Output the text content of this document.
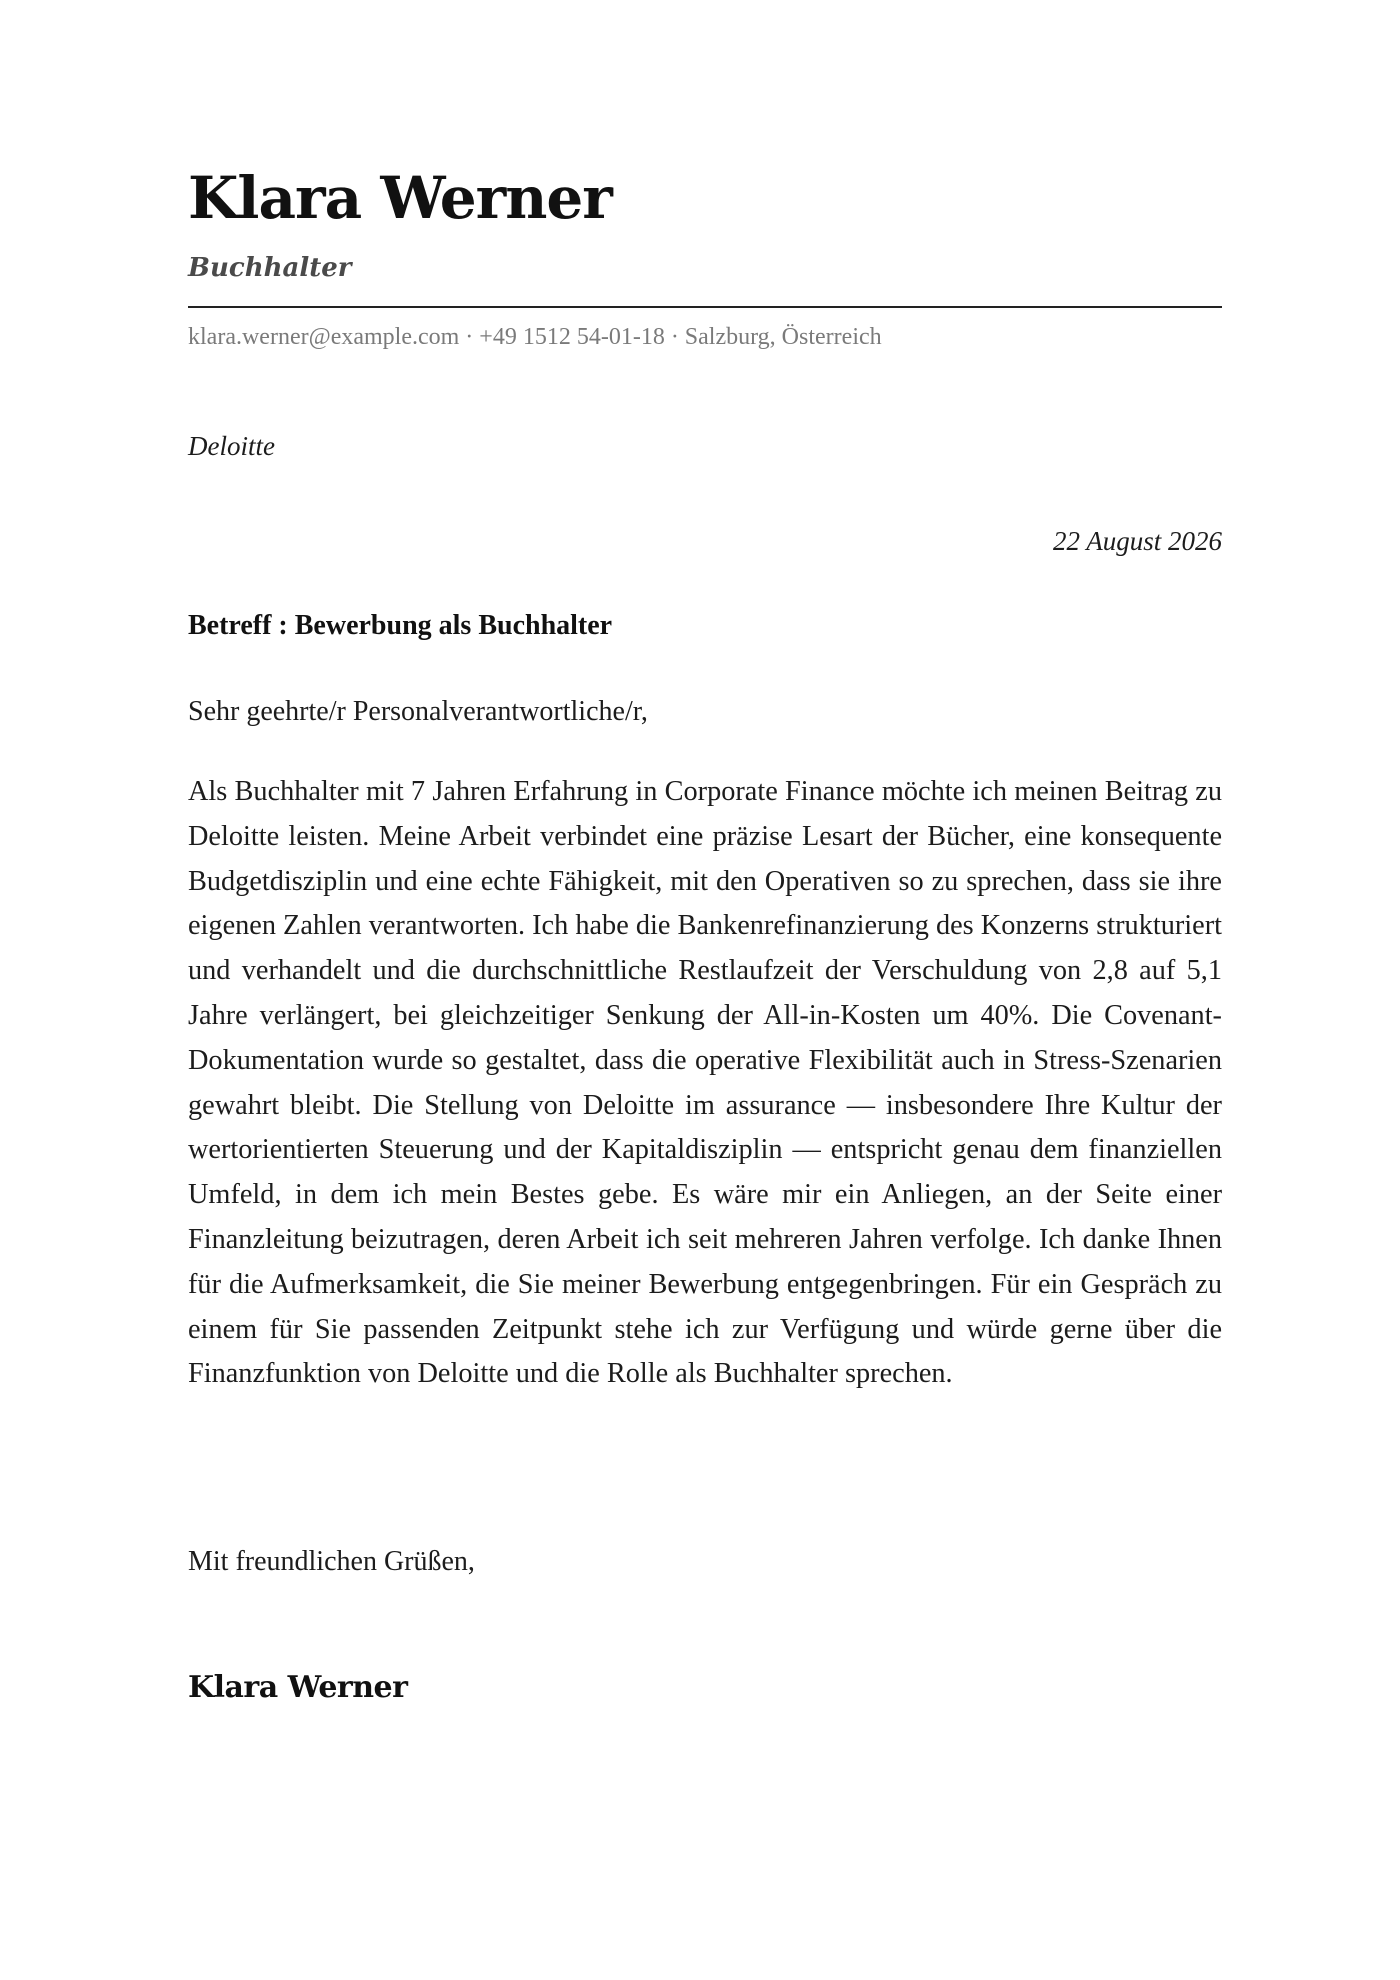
Klara Werner
Buchhalter
klara.werner@example.com · +49 1512 54-01-18 · Salzburg, Österreich
Deloitte
22 August 2026
Betreff : Bewerbung als Buchhalter
Sehr geehrte/r Personalverantwortliche/r,

Als Buchhalter mit 7 Jahren Erfahrung in Corporate Finance möchte ich meinen Beitrag zu Deloitte leisten. Meine Arbeit verbindet eine präzise Lesart der Bücher, eine konsequente Budgetdisziplin und eine echte Fähigkeit, mit den Operativen so zu sprechen, dass sie ihre eigenen Zahlen verantworten. Ich habe die Bankenrefinanzierung des Konzerns strukturiert und verhandelt und die durchschnittliche Restlaufzeit der Verschuldung von 2,8 auf 5,1 Jahre verlängert, bei gleichzeitiger Senkung der All-in-Kosten um 40%. Die Covenant-Dokumentation wurde so gestaltet, dass die operative Flexibilität auch in Stress-Szenarien gewahrt bleibt. Die Stellung von Deloitte im assurance — insbesondere Ihre Kultur der wertorientierten Steuerung und der Kapitaldisziplin — entspricht genau dem finanziellen Umfeld, in dem ich mein Bestes gebe. Es wäre mir ein Anliegen, an der Seite einer Finanzleitung beizutragen, deren Arbeit ich seit mehreren Jahren verfolge. Ich danke Ihnen für die Aufmerksamkeit, die Sie meiner Bewerbung entgegenbringen. Für ein Gespräch zu einem für Sie passenden Zeitpunkt stehe ich zur Verfügung und würde gerne über die Finanzfunktion von Deloitte und die Rolle als Buchhalter sprechen.

Mit freundlichen Grüßen,
Klara Werner
